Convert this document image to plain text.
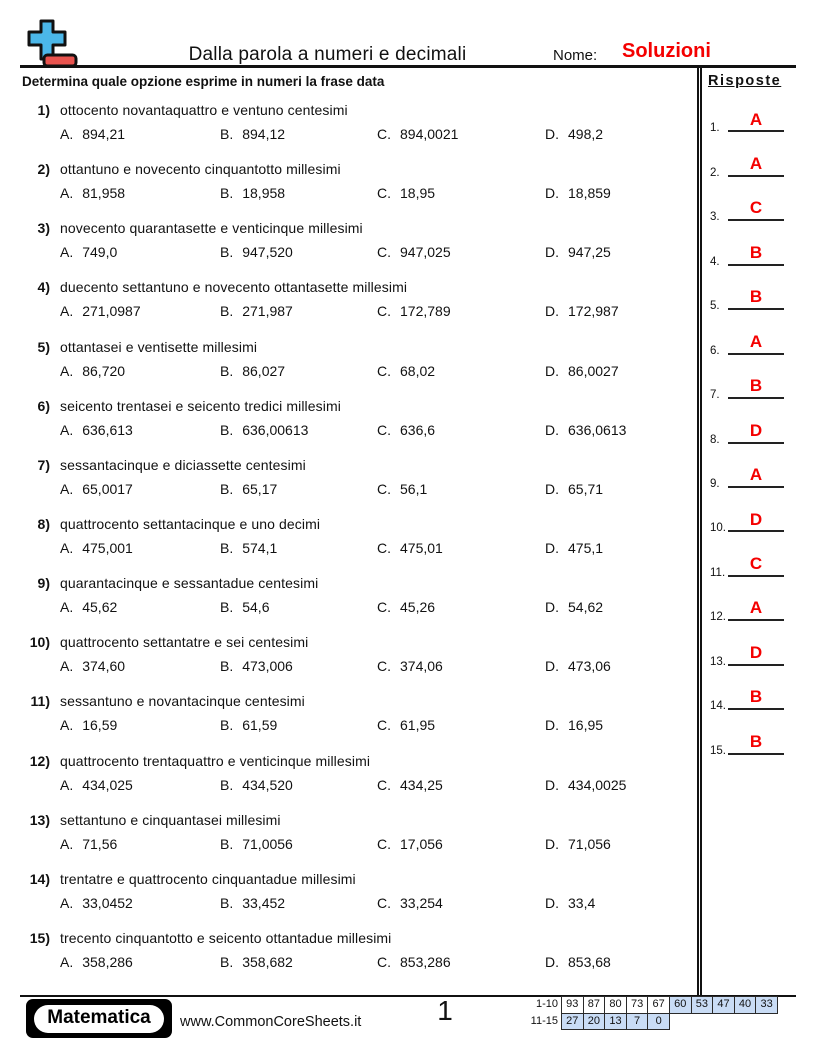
Dalla parola a numeri e decimali	Nome: Soluzioni
Determina quale opzione esprime in numeri la frase data
1) ottocento novantaquattro e ventuno centesimi
A. 894,21	B. 894,12	C. 894,0021	D. 498,2
2) ottantuno e novecento cinquantotto millesimi
A. 81,958	B. 18,958	C. 18,95	D. 18,859
3) novecento quarantasette e venticinque millesimi
A. 749,0	B. 947,520	C. 947,025	D. 947,25
4) duecento settantuno e novecento ottantasette millesimi
A. 271,0987	B. 271,987	C. 172,789	D. 172,987
5) ottantasei e ventisette millesimi
A. 86,720	B. 86,027	C. 68,02	D. 86,0027
6) seicento trentasei e seicento tredici millesimi
A. 636,613	B. 636,00613	C. 636,6	D. 636,0613
7) sessantacinque e diciassette centesimi
A. 65,0017	B. 65,17	C. 56,1	D. 65,71
8) quattrocento settantacinque e uno decimi
A. 475,001	B. 574,1	C. 475,01	D. 475,1
9) quarantacinque e sessantadue centesimi
A. 45,62	B. 54,6	C. 45,26	D. 54,62
10) quattrocento settantatre e sei centesimi
A. 374,60	B. 473,006	C. 374,06	D. 473,06
11) sessantuno e novantacinque centesimi
A. 16,59	B. 61,59	C. 61,95	D. 16,95
12) quattrocento trentaquattro e venticinque millesimi
A. 434,025	B. 434,520	C. 434,25	D. 434,0025
13) settantuno e cinquantasei millesimi
A. 71,56	B. 71,0056	C. 17,056	D. 71,056
14) trentatre e quattrocento cinquantadue millesimi
A. 33,0452	B. 33,452	C. 33,254	D. 33,4
15) trecento cinquantotto e seicento ottantadue millesimi
A. 358,286	B. 358,682	C. 853,286	D. 853,68
Risposte
1.	A
2.	A
3.	C
4.	B
5.	B
6.	A
7.	B
8.	D
9.	A
10.	D
11.	C
12.	A
13.	D
14.	B
15.	B
Matematica	www.CommonCoreSheets.it	1	1-10 93 87 80 73 67 60 53 47 40 33
11-15 27 20 13	7	0
